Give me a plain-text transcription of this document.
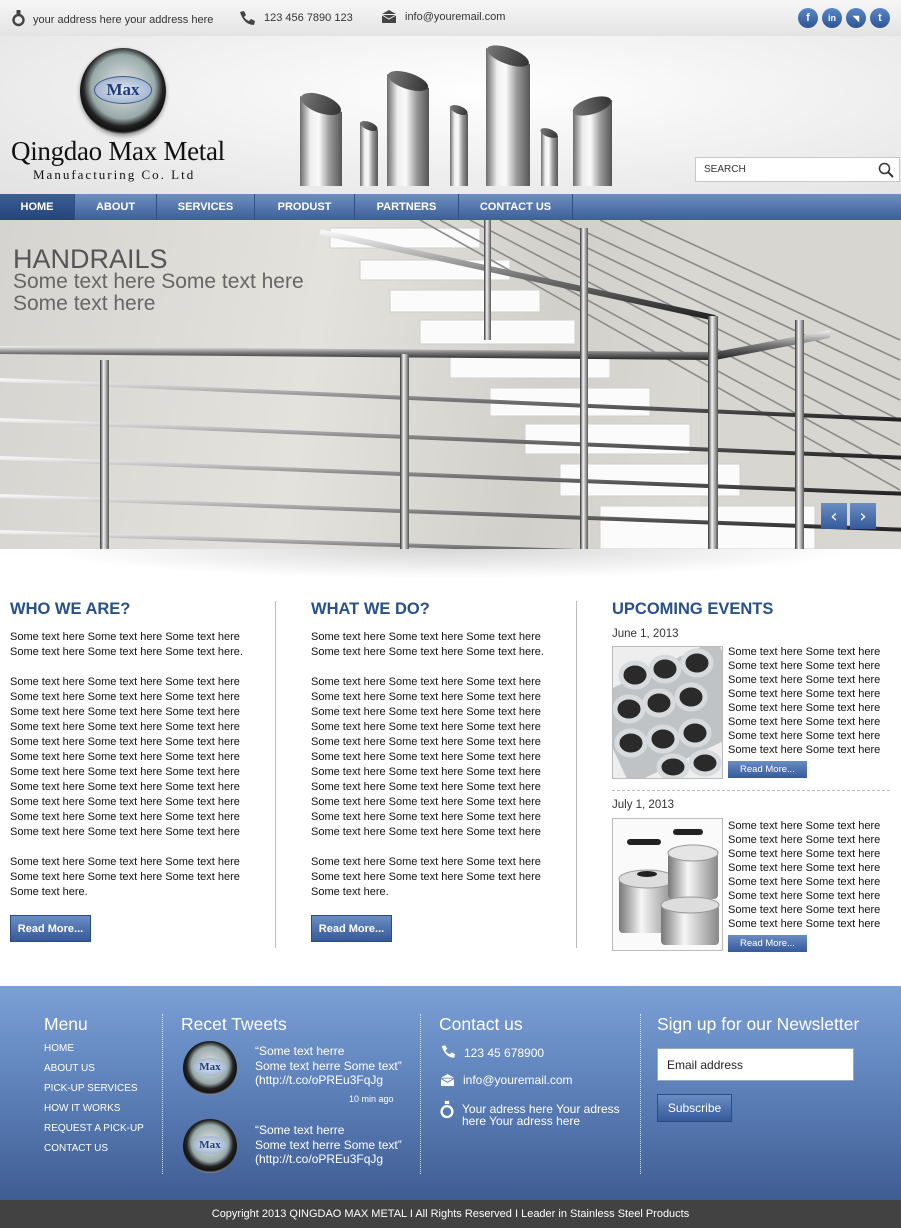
your address here your address here	123 456 7890 123	info@youremail.com	f	in	◥	t
Max
Qingdao Max Metal
Manufacturing Co. Ltd
SEARCH
HOME	ABOUT	SERVICES	PRODUST	PARTNERS	CONTACT US
HANDRAILS
Some text here Some text here Some text here
‹	›
WHO WE ARE?

Some text here Some text here Some text here Some text here Some text here Some text here.

Some text here Some text here Some text here Some text here Some text here Some text here Some text here Some text here Some text here Some text here Some text here Some text here Some text here Some text here Some text here Some text here Some text here Some text here Some text here Some text here Some text here Some text here Some text here Some text here Some text here Some text here Some text here Some text here Some text here Some text here Some text here Some text here Some text here

Some text here Some text here Some text here Some text here Some text here Some text here Some text here.

Read More...
WHAT WE DO?

Some text here Some text here Some text here Some text here Some text here Some text here.

Some text here Some text here Some text here Some text here Some text here Some text here Some text here Some text here Some text here Some text here Some text here Some text here Some text here Some text here Some text here Some text here Some text here Some text here Some text here Some text here Some text here Some text here Some text here Some text here Some text here Some text here Some text here Some text here Some text here Some text here Some text here Some text here Some text here

Some text here Some text here Some text here Some text here Some text here Some text here Some text here.

Read More...
UPCOMING EVENTS
June 1, 2013
Some text here Some text here Some text here Some text here Some text here Some text here Some text here Some text here Some text here Some text here Some text here Some text here Some text here Some text here Some text here Some text here
Read More...
July 1, 2013
Some text here Some text here Some text here Some text here Some text here Some text here Some text here Some text here Some text here Some text here Some text here Some text here Some text here Some text here Some text here Some text here
Read More...
Menu
HOME
ABOUT US
PICK-UP SERVICES
HOW IT WORKS
REQUEST A PICK-UP
CONTACT US
Recet Tweets
Max
“Some text herre
Some text herre Some text”
(http://t.co/oPREu3FqJg
10 min ago
Max
“Some text herre
Some text herre Some text”
(http://t.co/oPREu3FqJg
Contact us
123 45 678900
info@youremail.com
Your adress here Your adress here Your adress here
Sign up for our Newsletter
Email address
Subscribe
Copyright 2013 QINGDAO MAX METAL I All Rights Reserved I Leader in Stainless Steel Products
